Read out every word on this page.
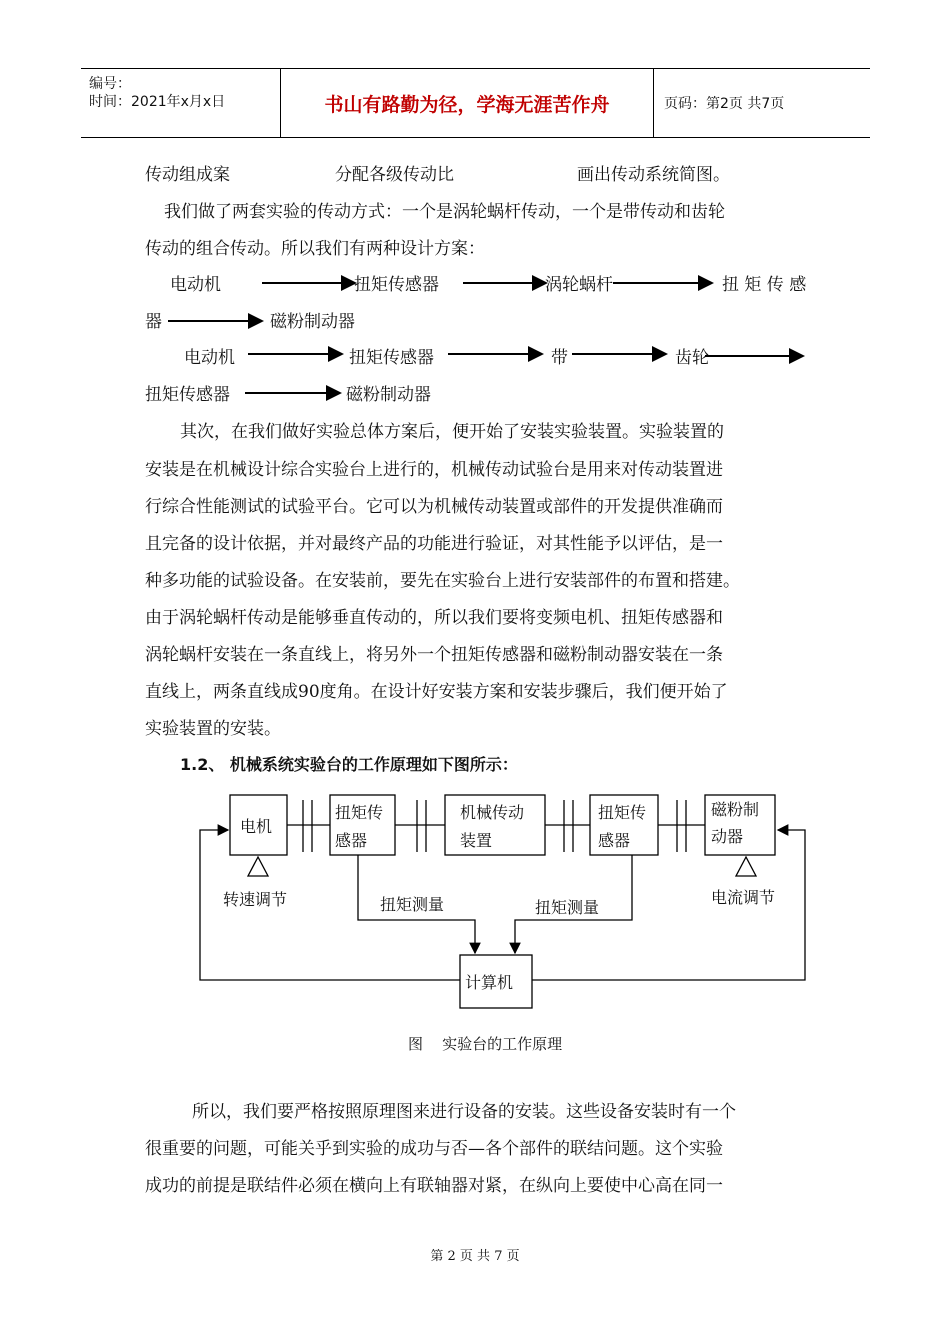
编号：
时间：2021年x月x日	书山有路勤为径，学海无涯苦作舟	页码：第2页 共7页
传动组成案	分配各级传动比	画出传动系统简图。
我们做了两套实验的传动方式：一个是涡轮蜗杆传动，一个是带传动和齿轮
传动的组合传动。所以我们有两种设计方案：
电动机	扭矩传感器	涡轮蜗杆	扭 矩 传 感
器	磁粉制动器
电动机	扭矩传感器	带	齿轮
扭矩传感器	磁粉制动器
其次，在我们做好实验总体方案后，便开始了安装实验装置。实验装置的
安装是在机械设计综合实验台上进行的，机械传动试验台是用来对传动装置进
行综合性能测试的试验平台。它可以为机械传动装置或部件的开发提供准确而
且完备的设计依据，并对最终产品的功能进行验证，对其性能予以评估，是一
种多功能的试验设备。在安装前，要先在实验台上进行安装部件的布置和搭建。
由于涡轮蜗杆传动是能够垂直传动的，所以我们要将变频电机、扭矩传感器和
涡轮蜗杆安装在一条直线上，将另外一个扭矩传感器和磁粉制动器安装在一条
直线上，两条直线成90度角。在设计好安装方案和安装步骤后，我们便开始了
实验装置的安装。
1.2、 机械系统实验台的工作原理如下图所示：
电机
扭矩传
感器
机械传动
装置
扭矩传
感器
磁粉制
动器
计算机
转速调节	电流调节
扭矩测量	扭矩测量
图    实验台的工作原理
所以，我们要严格按照原理图来进行设备的安装。这些设备安装时有一个
很重要的问题，可能关乎到实验的成功与否—各个部件的联结问题。这个实验
成功的前提是联结件必须在横向上有联轴器对紧，在纵向上要使中心高在同一
第 2 页 共 7 页
